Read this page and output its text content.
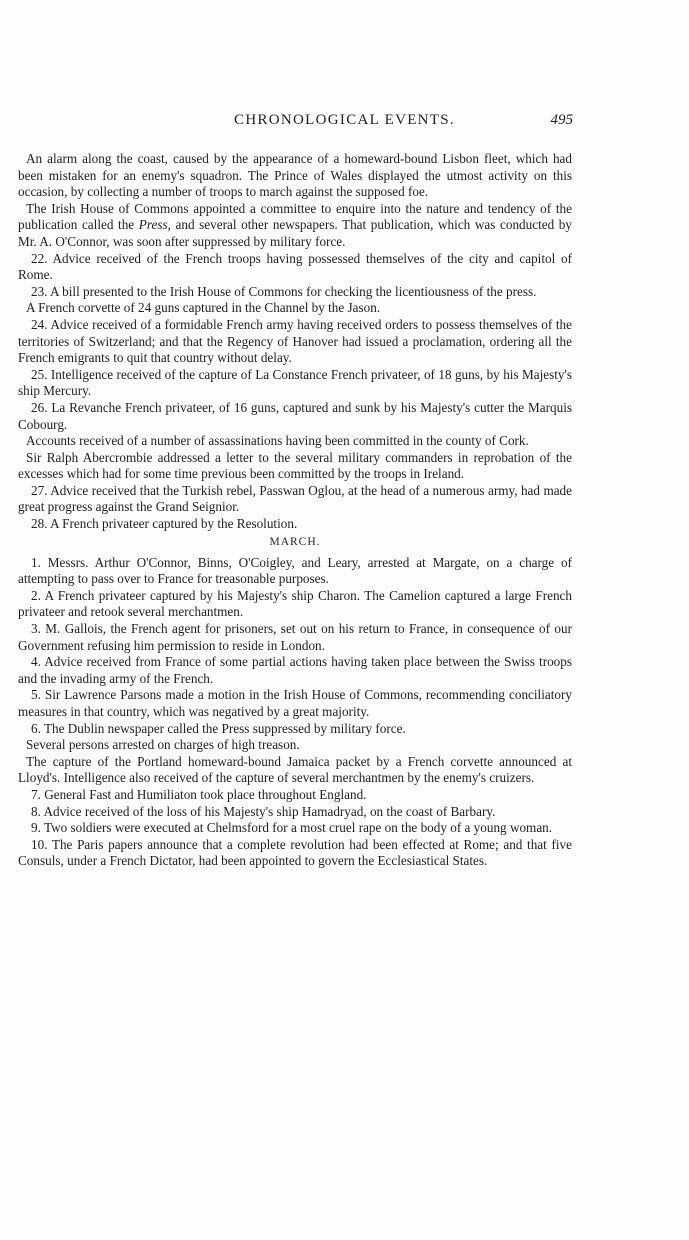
CHRONOLOGICAL EVENTS.	495

An alarm along the coast, caused by the appearance of a homeward-bound Lisbon fleet, which had been mistaken for an enemy's squadron. The Prince of Wales displayed the utmost activity on this occasion, by collecting a number of troops to march against the supposed foe.

The Irish House of Commons appointed a committee to enquire into the nature and tendency of the publication called the Press, and several other newspapers. That publication, which was conducted by Mr. A. O'Connor, was soon after suppressed by military force.

22. Advice received of the French troops having possessed themselves of the city and capitol of Rome.

23. A bill presented to the Irish House of Commons for checking the licentiousness of the press.

A French corvette of 24 guns captured in the Channel by the Jason.

24. Advice received of a formidable French army having received orders to possess themselves of the territories of Switzerland; and that the Regency of Hanover had issued a proclamation, ordering all the French emigrants to quit that country without delay.

25. Intelligence received of the capture of La Constance French privateer, of 18 guns, by his Majesty's ship Mercury.

26. La Revanche French privateer, of 16 guns, captured and sunk by his Majesty's cutter the Marquis Cobourg.

Accounts received of a number of assassinations having been committed in the county of Cork.

Sir Ralph Abercrombie addressed a letter to the several military commanders in reprobation of the excesses which had for some time previous been committed by the troops in Ireland.

27. Advice received that the Turkish rebel, Passwan Oglou, at the head of a numerous army, had made great progress against the Grand Seignior.

28. A French privateer captured by the Resolution.

MARCH.

1. Messrs. Arthur O'Connor, Binns, O'Coigley, and Leary, arrested at Margate, on a charge of attempting to pass over to France for treasonable purposes.

2. A French privateer captured by his Majesty's ship Charon. The Camelion captured a large French privateer and retook several merchantmen.

3. M. Gallois, the French agent for prisoners, set out on his return to France, in consequence of our Government refusing him permission to reside in London.

4. Advice received from France of some partial actions having taken place between the Swiss troops and the invading army of the French.

5. Sir Lawrence Parsons made a motion in the Irish House of Commons, recommending conciliatory measures in that country, which was negatived by a great majority.

6. The Dublin newspaper called the Press suppressed by military force.

Several persons arrested on charges of high treason.

The capture of the Portland homeward-bound Jamaica packet by a French corvette announced at Lloyd's. Intelligence also received of the capture of several merchantmen by the enemy's cruizers.

7. General Fast and Humiliaton took place throughout England.

8. Advice received of the loss of his Majesty's ship Hamadryad, on the coast of Barbary.

9. Two soldiers were executed at Chelmsford for a most cruel rape on the body of a young woman.

10. The Paris papers announce that a complete revolution had been effected at Rome; and that five Consuls, under a French Dictator, had been appointed to govern the Ecclesiastical States.
